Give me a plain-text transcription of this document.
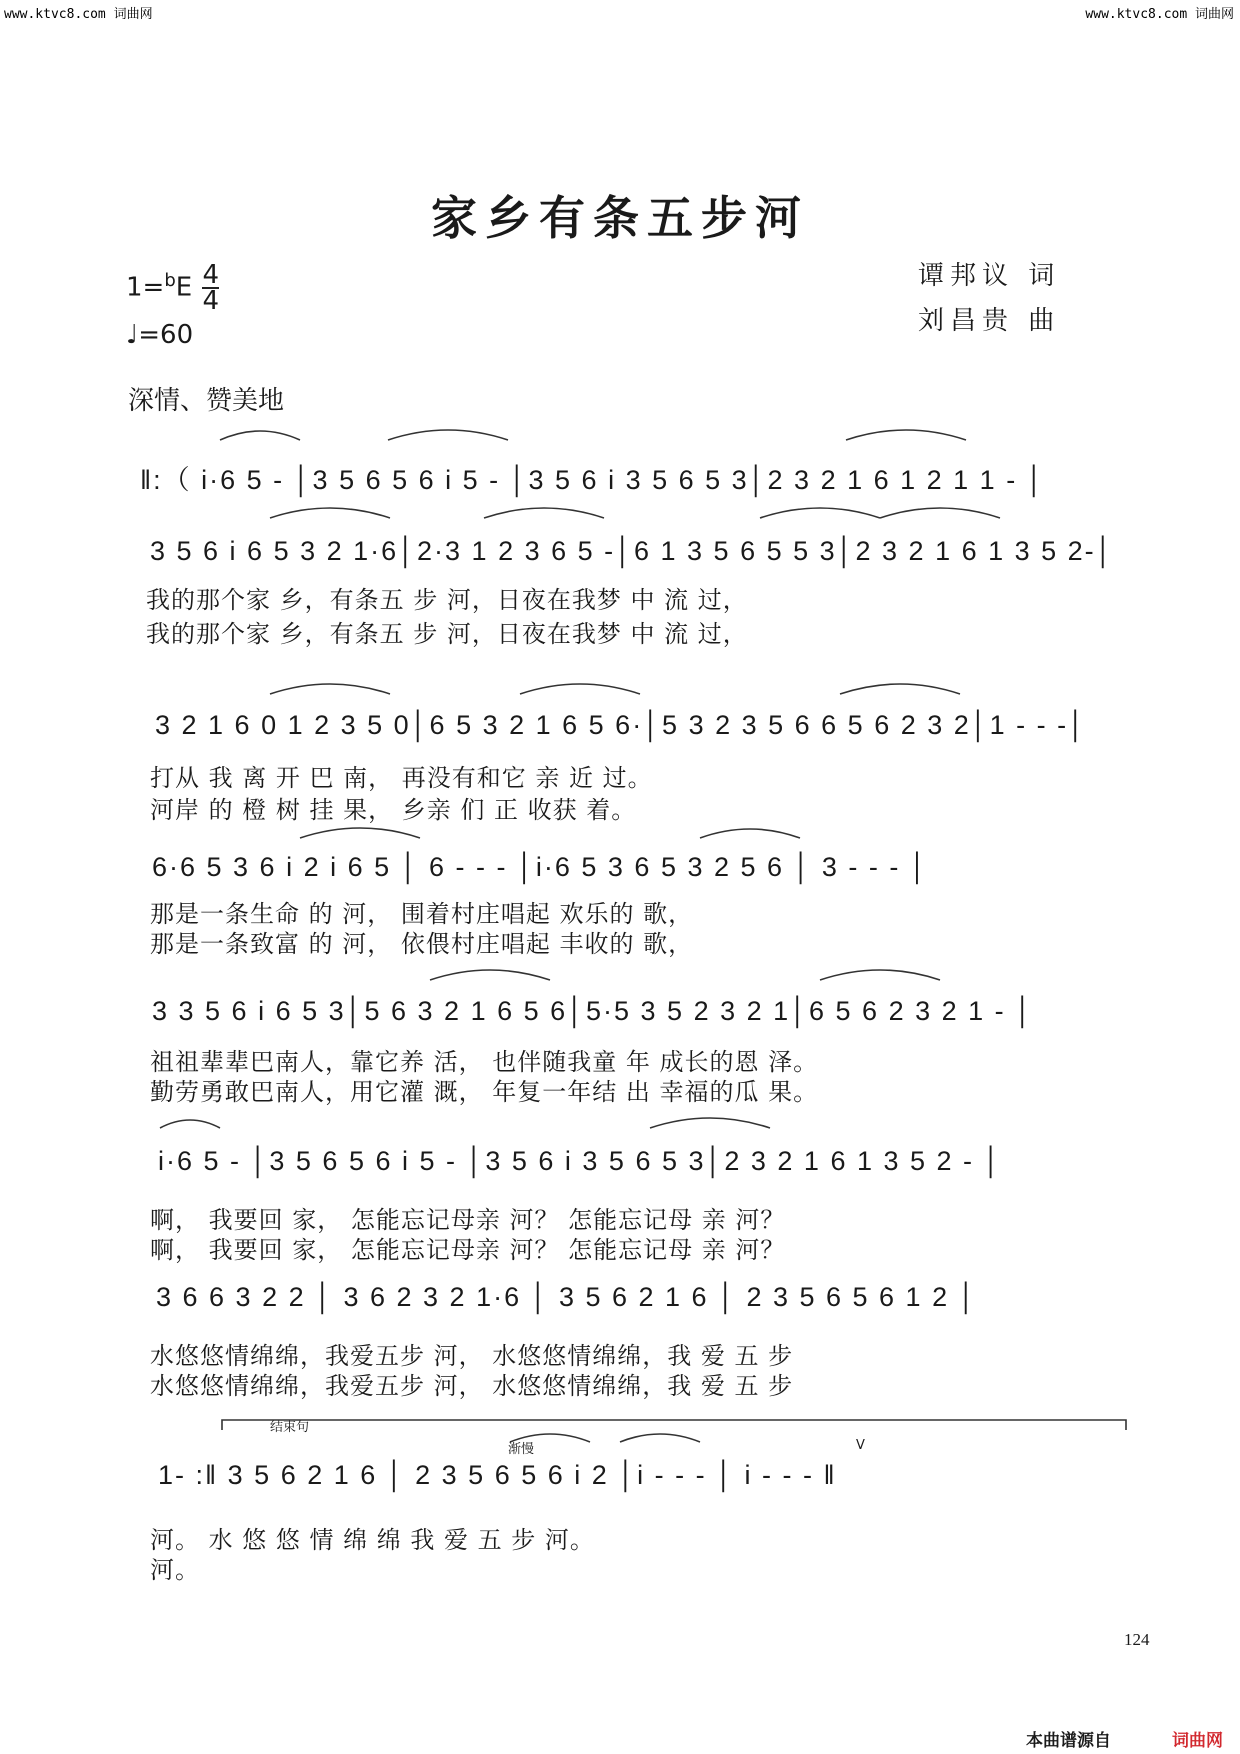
www.ktvc8.com 词曲网	www.ktvc8.com 词曲网
家乡有条五步河
谭邦议 词
刘昌贵 曲
$1=^bE \frac{4}{4}$
♩=60
深情、赞美地
‖:（ i·6 5 - │3 5 6 5 6 i 5 - │3 5 6 i 3 5 6 5 3│2 3 2 1 6 1 2 1 1 - │
3 5 6 i 6 5 3 2 1·6│2·3 1 2 3 6 5 -│6 1 3 5 6 5 5 3│2 3 2 1 6 1 3 5 2-│
我的那个家 乡，有条五 步 河，日夜在我梦 中 流 过，
我的那个家 乡，有条五 步 河，日夜在我梦 中 流 过，
3 2 1 6 0 1 2 3 5 0│6 5 3 2 1 6 5 6·│5 3 2 3 5 6 6 5 6 2 3 2│1 - - -│
打从 我 离 开 巴 南， 再没有和它 亲 近 过。
河岸 的 橙 树 挂 果， 乡亲 们 正 收获 着。
6·6 5 3 6 i 2 i 6 5 │ 6 - - - │i·6 5 3 6 5 3 2 5 6 │ 3 - - - │
那是一条生命 的 河， 围着村庄唱起 欢乐的 歌，
那是一条致富 的 河， 依偎村庄唱起 丰收的 歌，
3 3 5 6 i 6 5 3│5 6 3 2 1 6 5 6│5·5 3 5 2 3 2 1│6 5 6 2 3 2 1 - │
祖祖辈辈巴南人，靠它养 活， 也伴随我童 年 成长的恩 泽。
勤劳勇敢巴南人，用它灌 溉， 年复一年结 出 幸福的瓜 果。
i·6 5 - │3 5 6 5 6 i 5 - │3 5 6 i 3 5 6 5 3│2 3 2 1 6 1 3 5 2 - │
啊， 我要回 家， 怎能忘记母亲 河？ 怎能忘记母 亲 河？
啊， 我要回 家， 怎能忘记母亲 河？ 怎能忘记母 亲 河？
3 6 6 3 2 2 │ 3 6 2 3 2 1·6 │ 3 5 6 2 1 6 │ 2 3 5 6 5 6 1 2 │
水悠悠情绵绵，我爱五步 河， 水悠悠情绵绵，我 爱 五 步
水悠悠情绵绵，我爱五步 河， 水悠悠情绵绵，我 爱 五 步
结束句
渐慢	V
1- :‖ 3 5 6 2 1 6 │ 2 3 5 6 5 6 i 2 │i - - - │ i - - - ‖
河。 水 悠 悠 情 绵 绵 我 爱 五 步 河。
河。
124
本曲谱源自	词曲网
